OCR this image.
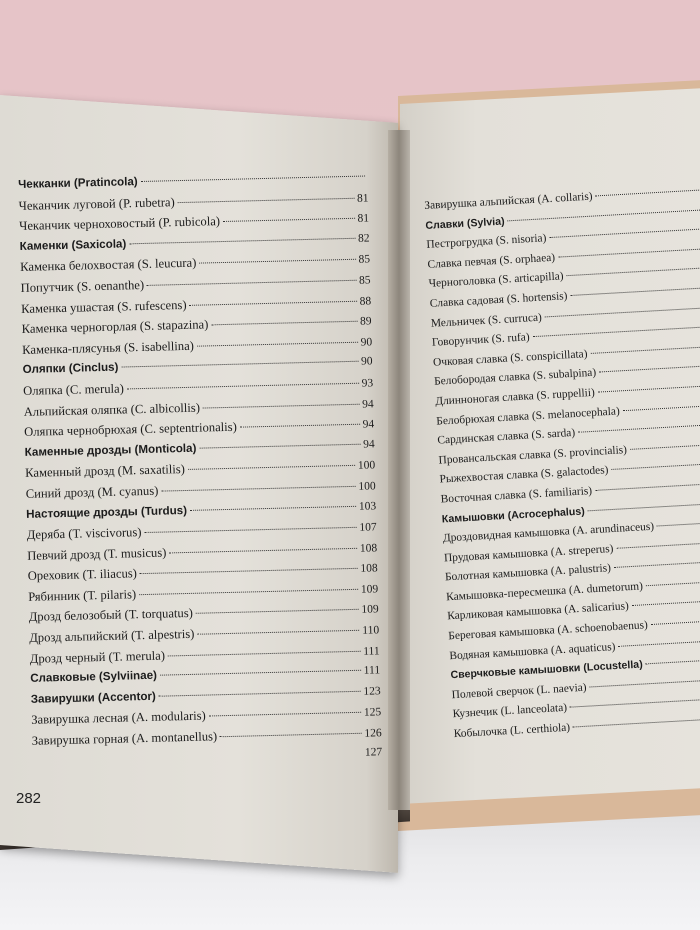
Чекканки (Pratincola)
Чеканчик луговой (P. rubetra)	81
Чеканчик черноховостый (P. rubicola)	81
Каменки (Saxicola)	82
Каменка белохвостая (S. leucura)	85
Попутчик (S. oenanthe)	85
Каменка ушастая (S. rufescens)	88
Каменка черногорлая (S. stapazina)	89
Каменка-плясунья (S. isabellina)	90
Оляпки (Cinclus)	90
Оляпка (C. merula)	93
Альпийская оляпка (C. albicollis)	94
Оляпка чернобрюхая (C. septentrionalis)	94
Каменные дрозды (Monticola)	94
Каменный дрозд (M. saxatilis)	100
Синий дрозд (M. cyanus)	100
Настоящие дрозды (Turdus)	103
Деряба (T. viscivorus)	107
Певчий дрозд (T. musicus)	108
Ореховик (T. iliacus)	108
Рябинник (T. pilaris)	109
Дрозд белозобый (T. torquatus)	109
Дрозд альпийский (T. alpestris)	110
Дрозд черный (T. merula)	111
Славковые (Sylviinae)	111
Завирушки (Accentor)	123
Завирушка лесная (A. modularis)	125
Завирушка горная (A. montanellus)	126
127
Завирушка альпийская (A. collaris)
Славки (Sylvia)
Пестрогрудка (S. nisoria)
Славка певчая (S. orphaea)
Черноголовка (S. articapilla)
Славка садовая (S. hortensis)
Мельничек (S. curruca)
Говорунчик (S. rufa)
Очковая славка (S. conspicillata)
Белобородая славка (S. subalpina)
Длинноногая славка (S. ruppellii)
Белобрюхая славка (S. melanocephala)
Сардинская славка (S. sarda)
Провансальская славка (S. provincialis)
Рыжехвостая славка (S. galactodes)
Восточная славка (S. familiaris)
Камышовки (Acrocephalus)
Дроздовидная камышовка (A. arundinaceus)
Прудовая камышовка (A. streperus)
Болотная камышовка (A. palustris)
Камышовка-пересмешка (A. dumetorum)
Карликовая камышовка (A. salicarius)
Береговая камышовка (A. schoenobaenus)
Водяная камышовка (A. aquaticus)
Сверчковые камышовки (Locustella)
Полевой сверчок (L. naevia)
Кузнечик (L. lanceolata)
Кобылочка (L. certhiola)
282
